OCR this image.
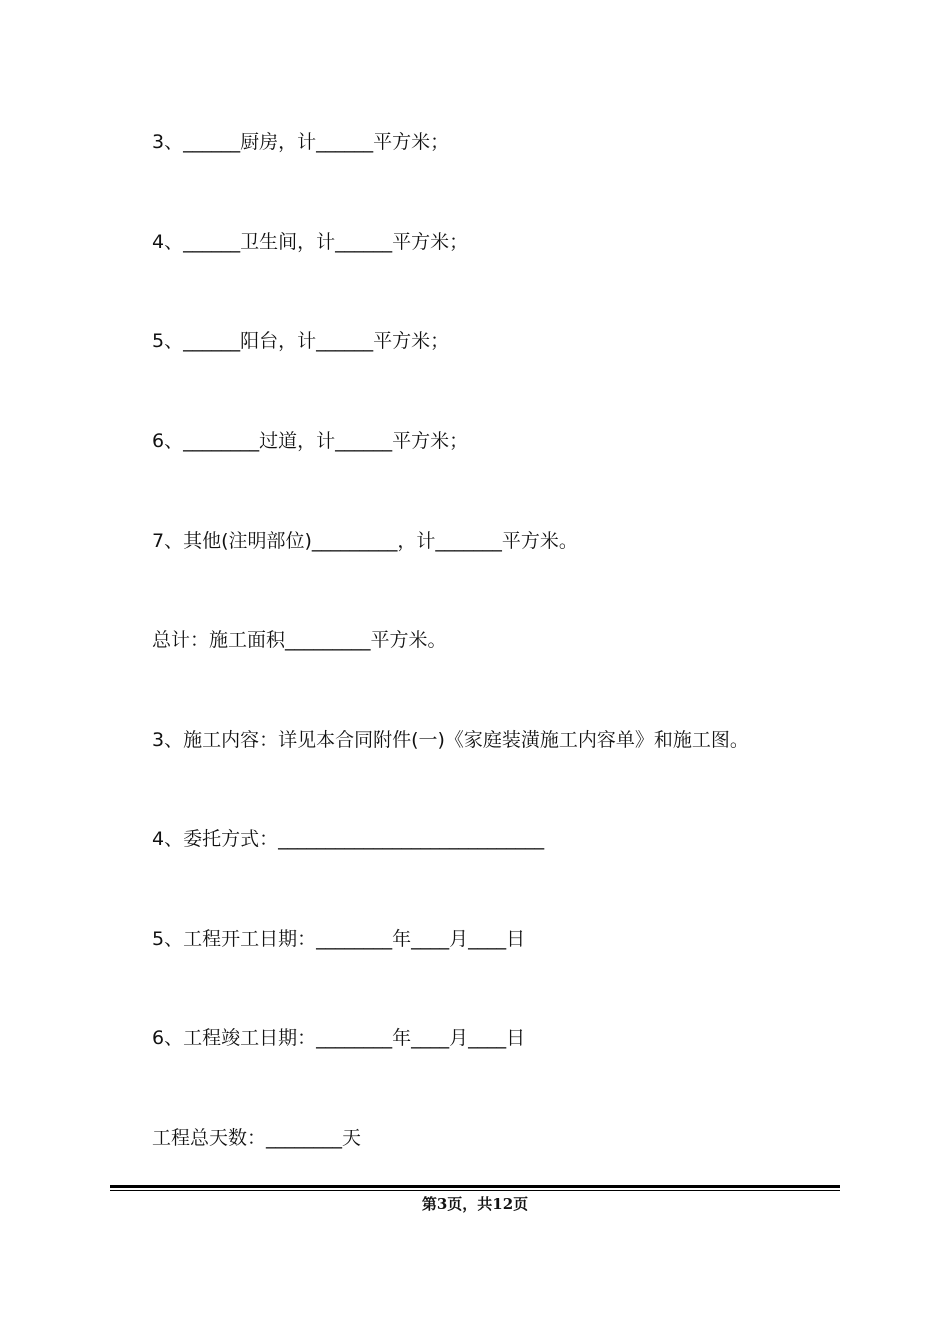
3、______厨房，计______平方米；
4、______卫生间，计______平方米；
5、______阳台，计______平方米；
6、________过道，计______平方米；
7、其他(注明部位)_________，计_______平方米。
总计：施工面积_________平方米。
3、施工内容：详见本合同附件(一)《家庭装潢施工内容单》和施工图。
4、委托方式：____________________________
5、工程开工日期：________年____月____日
6、工程竣工日期：________年____月____日
工程总天数：________天
第3页，共12页
